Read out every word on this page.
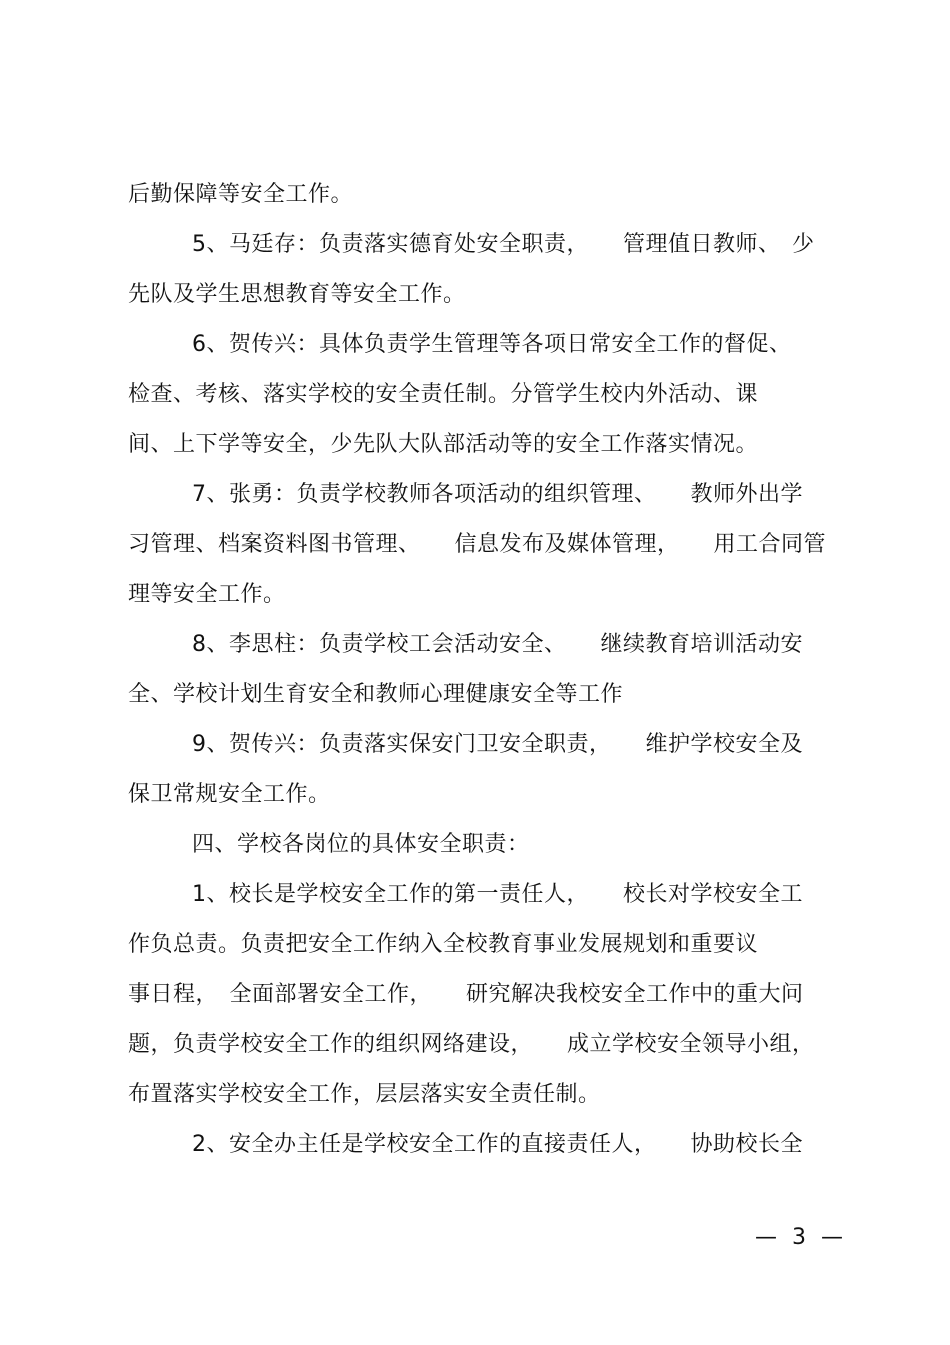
后勤保障等安全工作。
5、马廷存：负责落实德育处安全职责，　　管理值日教师、　少
先队及学生思想教育等安全工作。
6、贺传兴：具体负责学生管理等各项日常安全工作的督促、
检查、考核、落实学校的安全责任制。分管学生校内外活动、课
间、上下学等安全，少先队大队部活动等的安全工作落实情况。
7、张勇：负责学校教师各项活动的组织管理、　　教师外出学
习管理、档案资料图书管理、　　信息发布及媒体管理，　　用工合同管
理等安全工作。
8、李思柱：负责学校工会活动安全、　　继续教育培训活动安
全、学校计划生育安全和教师心理健康安全等工作
9、贺传兴：负责落实保安门卫安全职责，　　维护学校安全及
保卫常规安全工作。
四、学校各岗位的具体安全职责：
1、校长是学校安全工作的第一责任人，　　校长对学校安全工
作负总责。负责把安全工作纳入全校教育事业发展规划和重要议
事日程，　全面部署安全工作，　　研究解决我校安全工作中的重大问
题，负责学校安全工作的组织网络建设，　　成立学校安全领导小组，
布置落实学校安全工作，层层落实安全责任制。
2、安全办主任是学校安全工作的直接责任人，　　协助校长全
— 3 —
